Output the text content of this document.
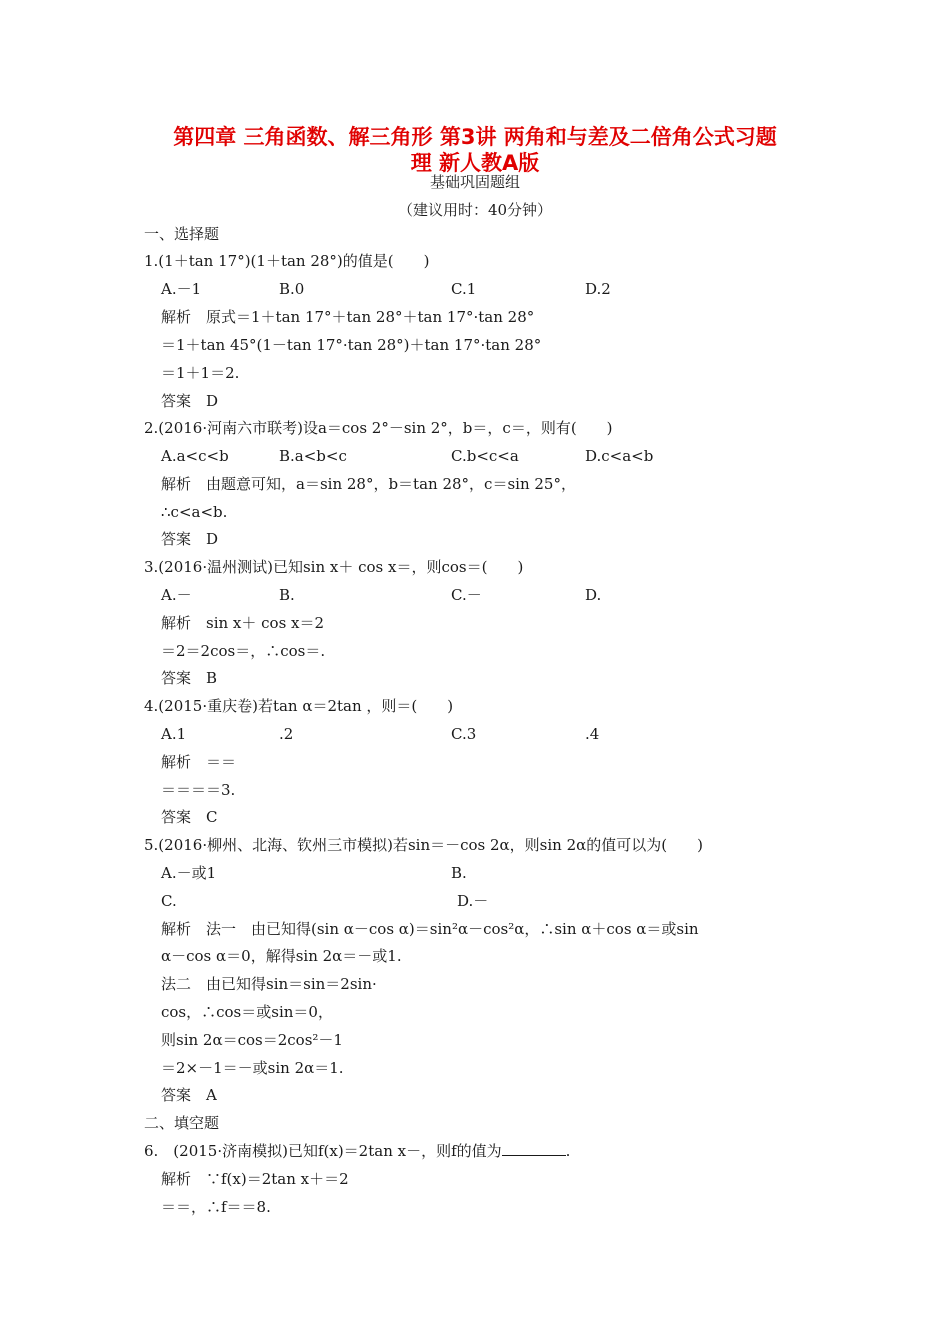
第四章 三角函数、解三角形 第3讲 两角和与差及二倍角公式习题
理 新人教A版
基础巩固题组
（建议用时：40分钟）
一、选择题
1.(1＋tan 17°)(1＋tan 28°)的值是(　　)
A.－1	B.0	C.1	D.2
解析　原式＝1＋tan 17°＋tan 28°＋tan 17°·tan 28°
＝1＋tan 45°(1－tan 17°·tan 28°)＋tan 17°·tan 28°
＝1＋1＝2.
答案　D
2.(2016·河南六市联考)设a＝cos 2°－sin 2°，b＝，c＝，则有(　　)
A.a<c<b	B.a<b<c	C.b<c<a	D.c<a<b
解析　由题意可知，a＝sin 28°，b＝tan 28°，c＝sin 25°，
∴c<a<b.
答案　D
3.(2016·温州测试)已知sin x＋ cos x＝，则cos＝(　　)
A.－	B.	C.－	D.
解析　sin x＋ cos x＝2
＝2＝2cos＝，∴cos＝.
答案　B
4.(2015·重庆卷)若tan α＝2tan ，则＝(　　)
A.1	.2	C.3	.4
解析　＝＝
＝＝＝＝3.
答案　C
5.(2016·柳州、北海、钦州三市模拟)若sin＝－cos 2α，则sin 2α的值可以为(　　)
A.－或1	B.
C.	D.－
解析　法一　由已知得(sin α－cos α)＝sin²α－cos²α，∴sin α＋cos α＝或sin
α－cos α＝0，解得sin 2α＝－或1.
法二　由已知得sin＝sin＝2sin·
cos，∴cos＝或sin＝0，
则sin 2α＝cos＝2cos²－1
＝2×－1＝－或sin 2α＝1.
答案　A
二、填空题
6.　(2015·济南模拟)已知f(x)＝2tan x－，则f的值为	.
解析　∵f(x)＝2tan x＋＝2
＝＝，∴f＝＝8.
